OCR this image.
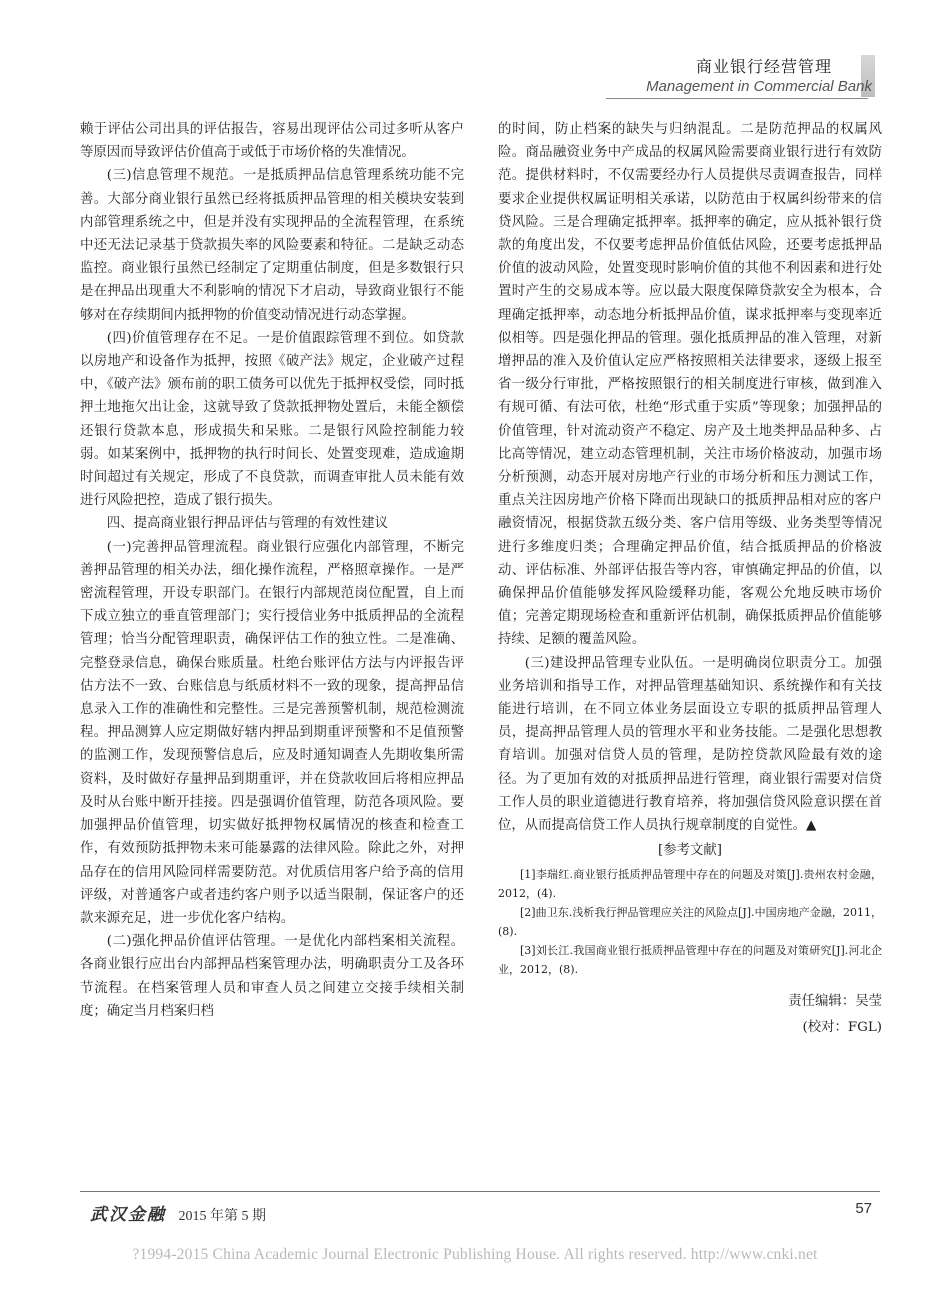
商业银行经营管理
Management in Commercial Bank

赖于评估公司出具的评估报告，容易出现评估公司过多听从客户等原因而导致评估价值高于或低于市场价格的失准情况。

(三)信息管理不规范。一是抵质押品信息管理系统功能不完善。大部分商业银行虽然已经将抵质押品管理的相关模块安装到内部管理系统之中，但是并没有实现押品的全流程管理，在系统中还无法记录基于贷款损失率的风险要素和特征。二是缺乏动态监控。商业银行虽然已经制定了定期重估制度，但是多数银行只是在押品出现重大不利影响的情况下才启动，导致商业银行不能够对在存续期间内抵押物的价值变动情况进行动态掌握。

(四)价值管理存在不足。一是价值跟踪管理不到位。如贷款以房地产和设备作为抵押，按照《破产法》规定，企业破产过程中，《破产法》颁布前的职工债务可以优先于抵押权受偿，同时抵押土地拖欠出让金，这就导致了贷款抵押物处置后，未能全额偿还银行贷款本息，形成损失和呆账。二是银行风险控制能力较弱。如某案例中，抵押物的执行时间长、处置变现难，造成逾期时间超过有关规定，形成了不良贷款，而调查审批人员未能有效进行风险把控，造成了银行损失。

四、提高商业银行押品评估与管理的有效性建议

(一)完善押品管理流程。商业银行应强化内部管理，不断完善押品管理的相关办法，细化操作流程，严格照章操作。一是严密流程管理，开设专职部门。在银行内部规范岗位配置，自上而下成立独立的垂直管理部门；实行授信业务中抵质押品的全流程管理；恰当分配管理职责，确保评估工作的独立性。二是准确、完整登录信息，确保台账质量。杜绝台账评估方法与内评报告评估方法不一致、台账信息与纸质材料不一致的现象，提高押品信息录入工作的准确性和完整性。三是完善预警机制，规范检测流程。押品测算人应定期做好辖内押品到期重评预警和不足值预警的监测工作，发现预警信息后，应及时通知调查人先期收集所需资料，及时做好存量押品到期重评，并在贷款收回后将相应押品及时从台账中断开挂接。四是强调价值管理，防范各项风险。要加强押品价值管理，切实做好抵押物权属情况的核查和检查工作，有效预防抵押物未来可能暴露的法律风险。除此之外，对押品存在的信用风险同样需要防范。对优质信用客户给予高的信用评级，对普通客户或者违约客户则予以适当限制，保证客户的还款来源充足，进一步优化客户结构。

(二)强化押品价值评估管理。一是优化内部档案相关流程。各商业银行应出台内部押品档案管理办法，明确职责分工及各环节流程。在档案管理人员和审查人员之间建立交接手续相关制度；确定当月档案归档

的时间，防止档案的缺失与归纳混乱。二是防范押品的权属风险。商品融资业务中产成品的权属风险需要商业银行进行有效防范。提供材料时，不仅需要经办行人员提供尽责调查报告，同样要求企业提供权属证明相关承诺，以防范由于权属纠纷带来的信贷风险。三是合理确定抵押率。抵押率的确定，应从抵补银行贷款的角度出发，不仅要考虑押品价值低估风险，还要考虑抵押品价值的波动风险，处置变现时影响价值的其他不利因素和进行处置时产生的交易成本等。应以最大限度保障贷款安全为根本，合理确定抵押率，动态地分析抵押品价值，谋求抵押率与变现率近似相等。四是强化押品的管理。强化抵质押品的准入管理，对新增押品的准入及价值认定应严格按照相关法律要求，逐级上报至省一级分行审批，严格按照银行的相关制度进行审核，做到准入有规可循、有法可依，杜绝“形式重于实质”等现象；加强押品的价值管理，针对流动资产不稳定、房产及土地类押品品种多、占比高等情况，建立动态管理机制，关注市场价格波动，加强市场分析预测，动态开展对房地产行业的市场分析和压力测试工作，重点关注因房地产价格下降而出现缺口的抵质押品相对应的客户融资情况，根据贷款五级分类、客户信用等级、业务类型等情况进行多维度归类；合理确定押品价值，结合抵质押品的价格波动、评估标准、外部评估报告等内容，审慎确定押品的价值，以确保押品价值能够发挥风险缓释功能，客观公允地反映市场价值；完善定期现场检查和重新评估机制，确保抵质押品价值能够持续、足额的覆盖风险。

(三)建设押品管理专业队伍。一是明确岗位职责分工。加强业务培训和指导工作，对押品管理基础知识、系统操作和有关技能进行培训，在不同立体业务层面设立专职的抵质押品管理人员，提高押品管理人员的管理水平和业务技能。二是强化思想教育培训。加强对信贷人员的管理，是防控贷款风险最有效的途径。为了更加有效的对抵质押品进行管理，商业银行需要对信贷工作人员的职业道德进行教育培养，将加强信贷风险意识摆在首位，从而提高信贷工作人员执行规章制度的自觉性。▲

[参考文献]

[1]李瑞红.商业银行抵质押品管理中存在的问题及对策[J].贵州农村金融，2012，(4).

[2]曲卫东.浅析我行押品管理应关注的风险点[J].中国房地产金融，2011，(8).

[3]刘长江.我国商业银行抵质押品管理中存在的问题及对策研究[J].河北企业，2012，(8).

责任编辑：吴莹
(校对：FGL)
武汉金融 2015 年第 5 期	57
?1994-2015 China Academic Journal Electronic Publishing House. All rights reserved. http://www.cnki.net
